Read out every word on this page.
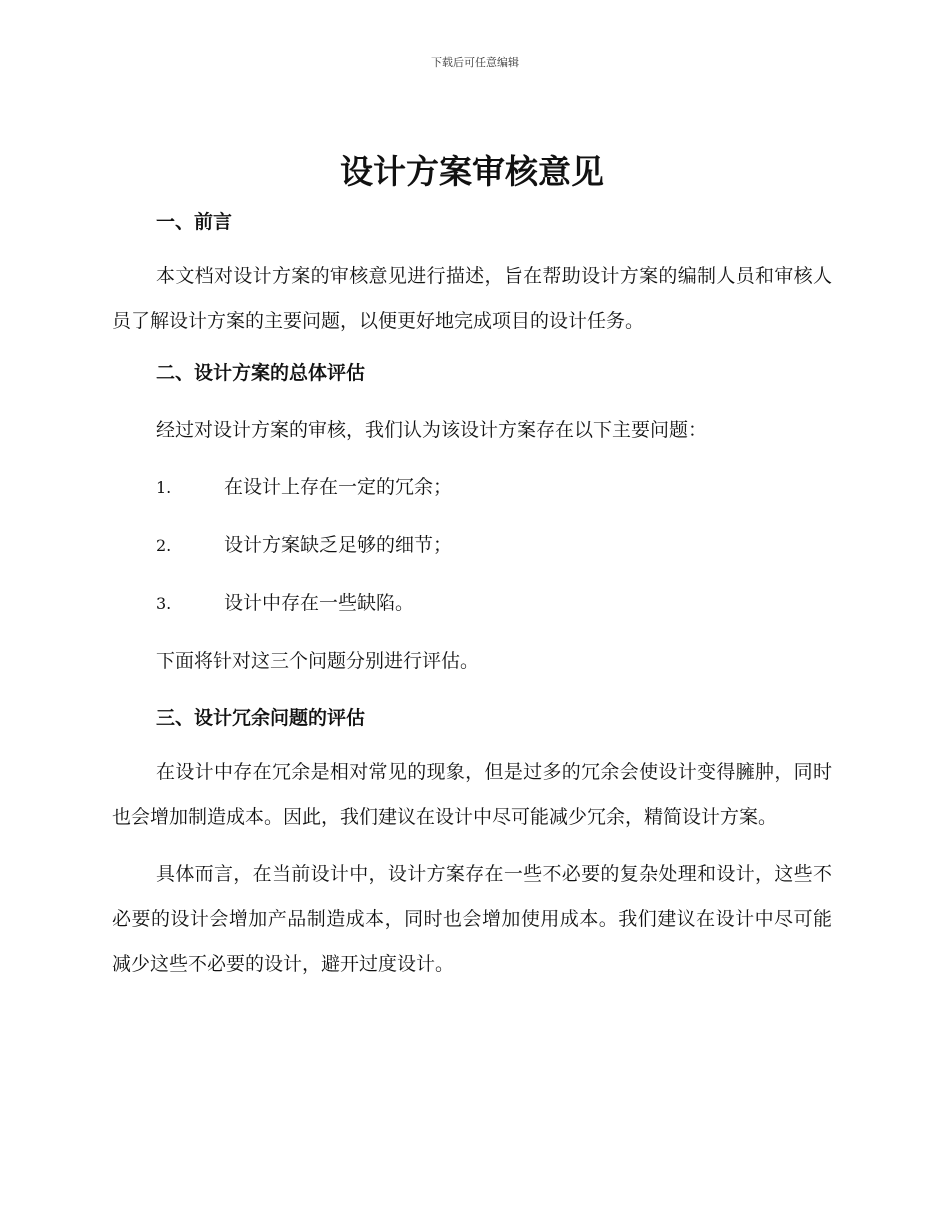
下载后可任意编辑
设计方案审核意见
一、前言

本文档对设计方案的审核意见进行描述，旨在帮助设计方案的编制人员和审核人员了解设计方案的主要问题，以便更好地完成项目的设计任务。

二、设计方案的总体评估

经过对设计方案的审核，我们认为该设计方案存在以下主要问题：

1.	在设计上存在一定的冗余；
2.	设计方案缺乏足够的细节；
3.	设计中存在一些缺陷。

下面将针对这三个问题分别进行评估。

三、设计冗余问题的评估

在设计中存在冗余是相对常见的现象，但是过多的冗余会使设计变得臃肿，同时也会增加制造成本。因此，我们建议在设计中尽可能减少冗余，精简设计方案。

具体而言，在当前设计中，设计方案存在一些不必要的复杂处理和设计，这些不必要的设计会增加产品制造成本，同时也会增加使用成本。我们建议在设计中尽可能减少这些不必要的设计，避开过度设计。
